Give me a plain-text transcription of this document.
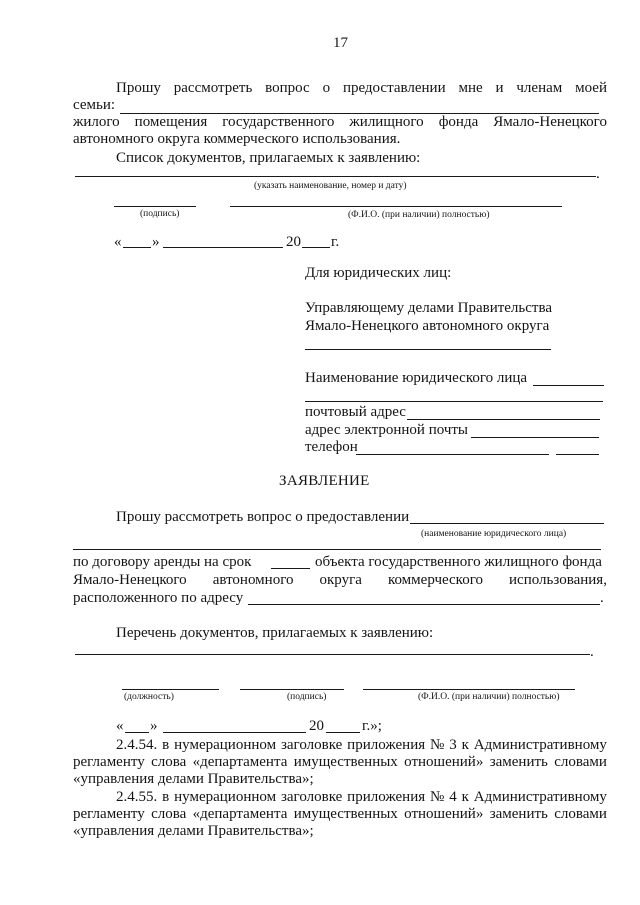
17
Прошу рассмотреть вопрос о предоставлении мне и членам моей
семьи:
жилого помещения государственного жилищного фонда Ямало-Ненецкого
автономного округа коммерческого использования.
Список документов, прилагаемых к заявлению:
.
(указать наименование, номер и дату)
(подпись)	(Ф.И.О. (при наличии) полностью)
« »	20 г.
Для юридических лиц:
Управляющему делами Правительства
Ямало-Ненецкого автономного округа
Наименование юридического лица
почтовый адрес
адрес электронной почты
телефон
ЗАЯВЛЕНИЕ
Прошу рассмотреть вопрос о предоставлении
(наименование юридического лица)
по договору аренды на срок	объекта государственного жилищного фонда
Ямало-Ненецкого автономного округа коммерческого использования,
расположенного по адресу	.
Перечень документов, прилагаемых к заявлению:
.
(должность)	(подпись)	(Ф.И.О. (при наличии) полностью)
« »	20	г.»;
2.4.54. в нумерационном заголовке приложения № 3 к Административному
регламенту слова «департамента имущественных отношений» заменить словами
«управления делами Правительства»;
2.4.55. в нумерационном заголовке приложения № 4 к Административному
регламенту слова «департамента имущественных отношений» заменить словами
«управления делами Правительства»;
